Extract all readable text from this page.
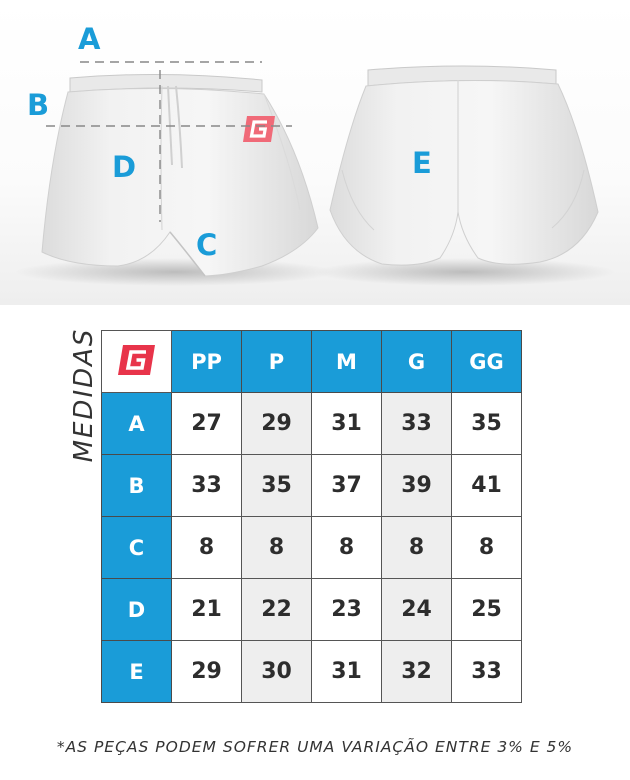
A
B
C
D	E
MEDIDAS
		PP	P	M	G	GG
A	27	29	31	33	35
B	33	35	37	39	41
C	8	8	8	8	8
D	21	22	23	24	25
E	29	30	31	32	33
*AS PEÇAS PODEM SOFRER UMA VARIAÇÃO ENTRE 3% E 5%
